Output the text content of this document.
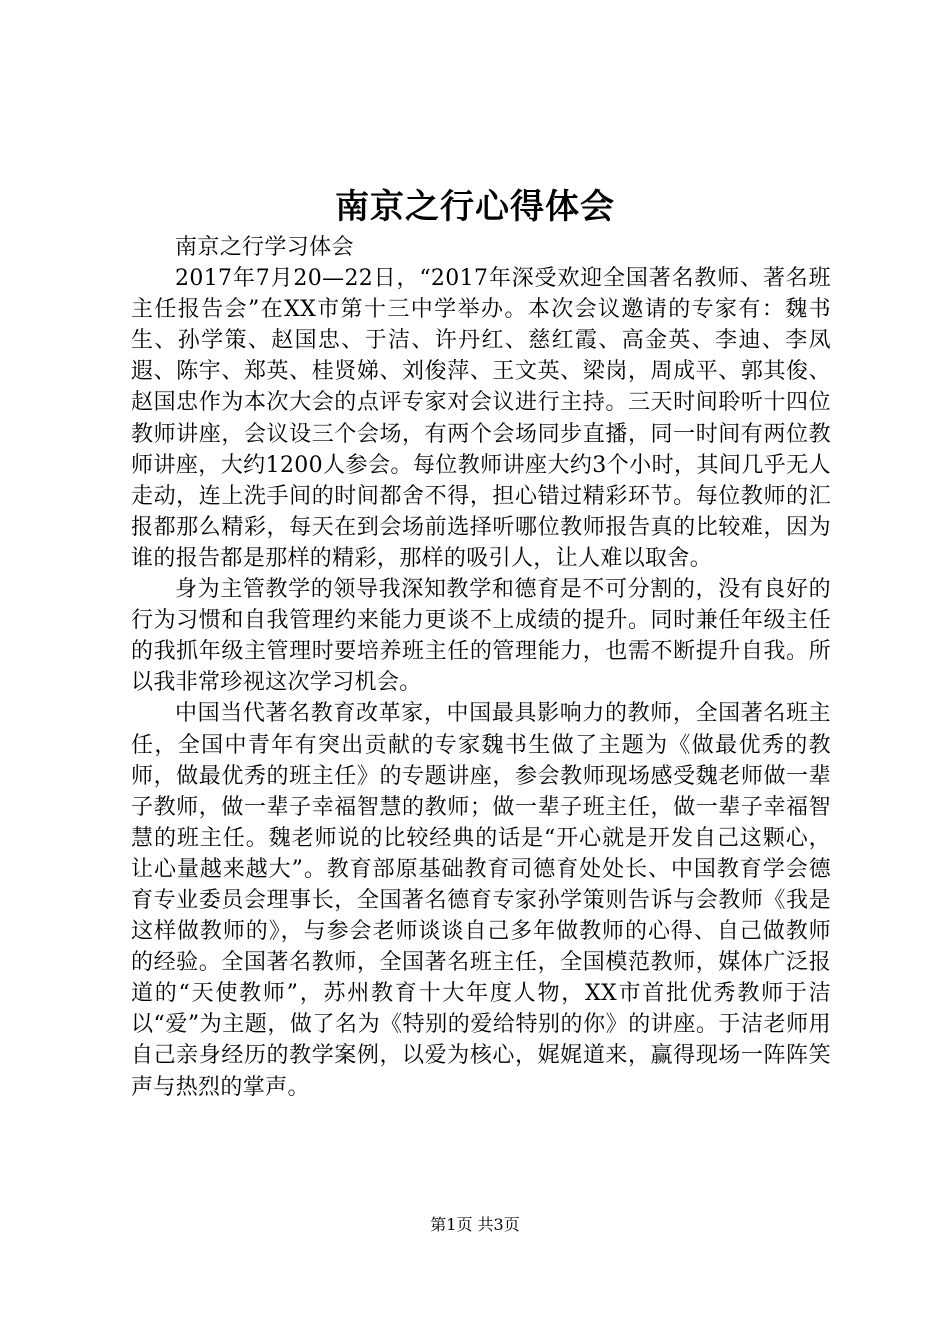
南京之行心得体会

南京之行学习体会

2017年7月20—22日，“2017年深受欢迎全国著名教师、著名班主任报告会”在XX市第十三中学举办。本次会议邀请的专家有：魏书生、孙学策、赵国忠、于洁、许丹红、慈红霞、高金英、李迪、李凤遐、陈宇、郑英、桂贤娣、刘俊萍、王文英、梁岗，周成平、郭其俊、赵国忠作为本次大会的点评专家对会议进行主持。三天时间聆听十四位教师讲座，会议设三个会场，有两个会场同步直播，同一时间有两位教师讲座，大约1200人参会。每位教师讲座大约3个小时，其间几乎无人走动，连上洗手间的时间都舍不得，担心错过精彩环节。每位教师的汇报都那么精彩，每天在到会场前选择听哪位教师报告真的比较难，因为谁的报告都是那样的精彩，那样的吸引人，让人难以取舍。

身为主管教学的领导我深知教学和德育是不可分割的，没有良好的行为习惯和自我管理约来能力更谈不上成绩的提升。同时兼任年级主任的我抓年级主管理时要培养班主任的管理能力，也需不断提升自我。所以我非常珍视这次学习机会。

中国当代著名教育改革家，中国最具影响力的教师，全国著名班主任，全国中青年有突出贡献的专家魏书生做了主题为《做最优秀的教师，做最优秀的班主任》的专题讲座，参会教师现场感受魏老师做一辈子教师，做一辈子幸福智慧的教师；做一辈子班主任，做一辈子幸福智慧的班主任。魏老师说的比较经典的话是“开心就是开发自己这颗心，让心量越来越大”。教育部原基础教育司德育处处长、中国教育学会德育专业委员会理事长，全国著名德育专家孙学策则告诉与会教师《我是这样做教师的》，与参会老师谈谈自己多年做教师的心得、自己做教师的经验。全国著名教师，全国著名班主任，全国模范教师，媒体广泛报道的“天使教师”，苏州教育十大年度人物，XX市首批优秀教师于洁以“爱”为主题，做了名为《特别的爱给特别的你》的讲座。于洁老师用自己亲身经历的教学案例，以爱为核心，娓娓道来，赢得现场一阵阵笑声与热烈的掌声。

第1页 共3页
